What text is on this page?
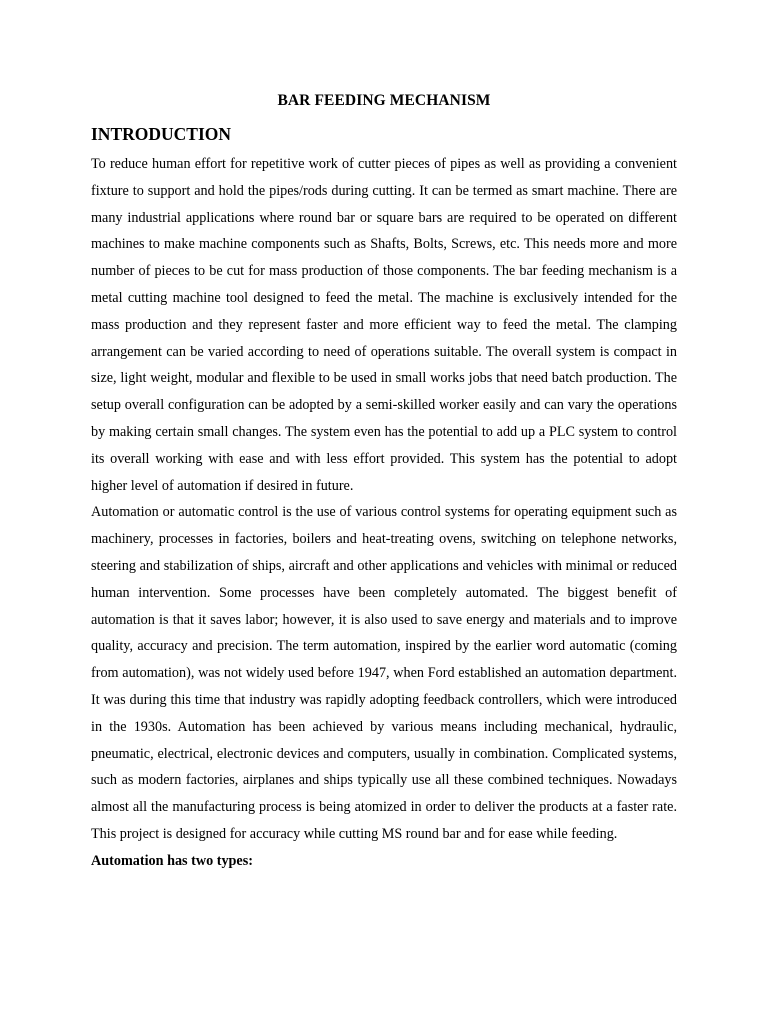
BAR FEEDING MECHANISM
INTRODUCTION

To reduce human effort for repetitive work of cutter pieces of pipes as well as providing a convenient fixture to support and hold the pipes/rods during cutting. It can be termed as smart machine. There are many industrial applications where round bar or square bars are required to be operated on different machines to make machine components such as Shafts, Bolts, Screws, etc. This needs more and more number of pieces to be cut for mass production of those components. The bar feeding mechanism is a metal cutting machine tool designed to feed the metal. The machine is exclusively intended for the mass production and they represent faster and more efficient way to feed the metal. The clamping arrangement can be varied according to need of operations suitable. The overall system is compact in size, light weight, modular and flexible to be used in small works jobs that need batch production. The setup overall configuration can be adopted by a semi-skilled worker easily and can vary the operations by making certain small changes. The system even has the potential to add up a PLC system to control its overall working with ease and with less effort provided. This system has the potential to adopt higher level of automation if desired in future.

Automation or automatic control is the use of various control systems for operating equipment such as machinery, processes in factories, boilers and heat-treating ovens, switching on telephone networks, steering and stabilization of ships, aircraft and other applications and vehicles with minimal or reduced human intervention. Some processes have been completely automated. The biggest benefit of automation is that it saves labor; however, it is also used to save energy and materials and to improve quality, accuracy and precision. The term automation, inspired by the earlier word automatic (coming from automation), was not widely used before 1947, when Ford established an automation department. It was during this time that industry was rapidly adopting feedback controllers, which were introduced in the 1930s. Automation has been achieved by various means including mechanical, hydraulic, pneumatic, electrical, electronic devices and computers, usually in combination. Complicated systems, such as modern factories, airplanes and ships typically use all these combined techniques. Nowadays almost all the manufacturing process is being atomized in order to deliver the products at a faster rate. This project is designed for accuracy while cutting MS round bar and for ease while feeding.

Automation has two types:
